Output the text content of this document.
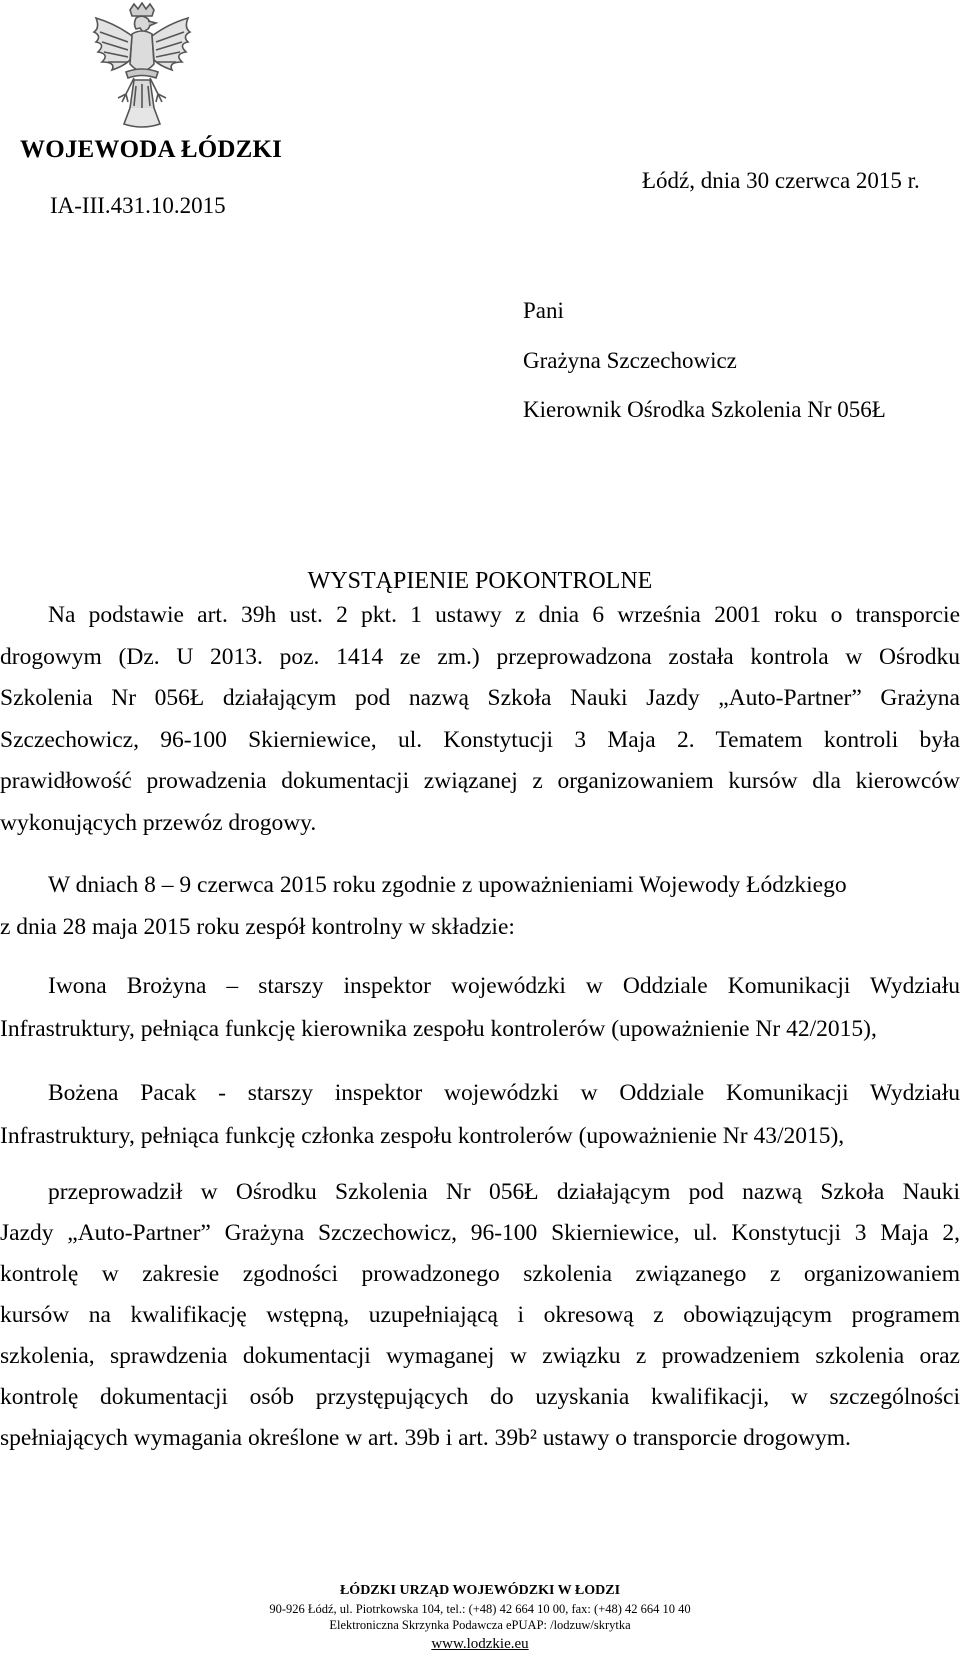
WOJEWODA ŁÓDZKI
IA-III.431.10.2015
Łódź, dnia 30 czerwca 2015 r.
Pani
Grażyna Szczechowicz
Kierownik Ośrodka Szkolenia Nr 056Ł
WYSTĄPIENIE POKONTROLNE
Na podstawie art. 39h ust. 2 pkt. 1 ustawy z dnia 6 września 2001 roku o transporcie
drogowym (Dz. U 2013. poz. 1414 ze zm.) przeprowadzona została kontrola w Ośrodku
Szkolenia Nr 056Ł działającym pod nazwą Szkoła Nauki Jazdy „Auto-Partner” Grażyna
Szczechowicz, 96-100 Skierniewice, ul. Konstytucji 3 Maja 2. Tematem kontroli była
prawidłowość prowadzenia dokumentacji związanej z organizowaniem kursów dla kierowców
wykonujących przewóz drogowy.
W dniach 8 – 9 czerwca 2015 roku zgodnie z upoważnieniami Wojewody Łódzkiego
z dnia 28 maja 2015 roku zespół kontrolny w składzie:
Iwona Brożyna – starszy inspektor wojewódzki w Oddziale Komunikacji Wydziału
Infrastruktury, pełniąca funkcję kierownika zespołu kontrolerów (upoważnienie Nr 42/2015),
Bożena Pacak - starszy inspektor wojewódzki w Oddziale Komunikacji Wydziału
Infrastruktury, pełniąca funkcję członka zespołu kontrolerów (upoważnienie Nr 43/2015),
przeprowadził w Ośrodku Szkolenia Nr 056Ł działającym pod nazwą Szkoła Nauki
Jazdy „Auto-Partner” Grażyna Szczechowicz, 96-100 Skierniewice, ul. Konstytucji 3 Maja 2,
kontrolę w zakresie zgodności prowadzonego szkolenia związanego z organizowaniem
kursów na kwalifikację wstępną, uzupełniającą i okresową z obowiązującym programem
szkolenia, sprawdzenia dokumentacji wymaganej w związku z prowadzeniem szkolenia oraz
kontrolę dokumentacji osób przystępujących do uzyskania kwalifikacji, w szczególności
spełniających wymagania określone w art. 39b i art. 39b² ustawy o transporcie drogowym.
ŁÓDZKI URZĄD WOJEWÓDZKI W ŁODZI
90-926 Łódź, ul. Piotrkowska 104, tel.: (+48) 42 664 10 00, fax: (+48) 42 664 10 40
Elektroniczna Skrzynka Podawcza ePUAP: /lodzuw/skrytka
www.lodzkie.eu
